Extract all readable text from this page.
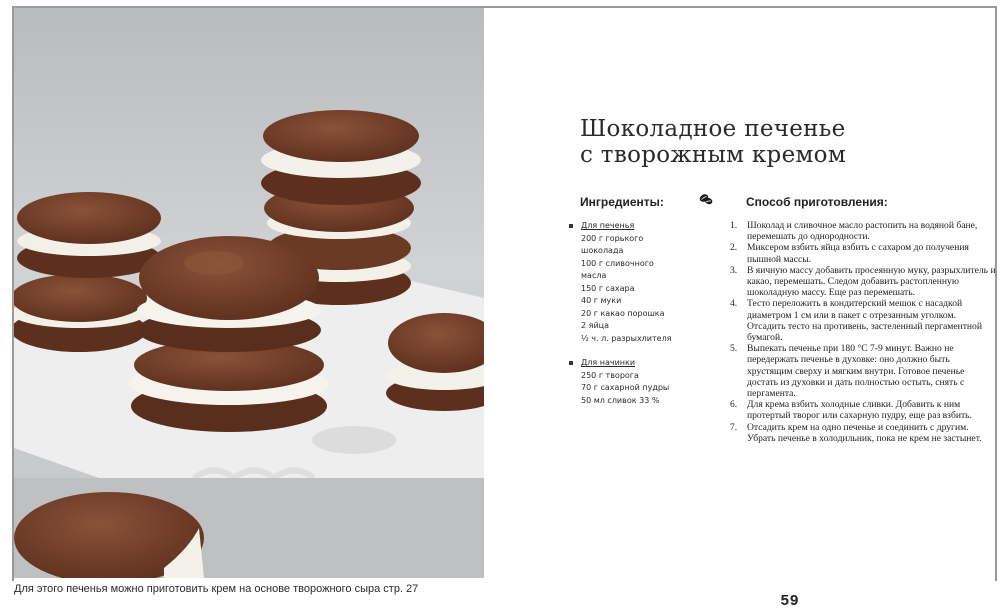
Для этого печенья можно приготовить крем на основе творожного сыра стр. 27
Шоколадное печенье
с творожным кремом
Ингредиенты:	Способ приготовления:
Для печенья
200 г горького
шоколада
100 г сливочного
масла
150 г сахара
40 г муки
20 г какао порошка
2 яйца
½ ч. л. разрыхлителя
Для начинки
250 г творога
70 г сахарной пудры
50 мл сливок 33 %
1. Шоколад и сливочное масло растопить на водяной бане, перемешать до однородности.
2. Миксером взбить яйца взбить с сахаром до получения пышной массы.
3. В яичную массу добавить просеянную муку, разрыхлитель и какао, перемешать. Следом добавить растопленную шоколадную массу. Еще раз перемешать.
4. Тесто переложить в кондитерский мешок с насадкой диаметром 1 см или в пакет с отрезанным уголком. Отсадить тесто на противень, застеленный пергаментной бумагой.
5. Выпекать печенье при 180 °С 7-9 минут. Важно не передержать печенье в духовке: оно должно быть хрустящим сверху и мягким внутри. Готовое печенье достать из духовки и дать полностью остыть, снять с пергамента.
6. Для крема взбить холодные сливки. Добавить к ним протертый творог или сахарную пудру, еще раз взбить.
7. Отсадить крем на одно печенье и соединить с другим. Убрать печенье в холодильник, пока не крем не застынет.
59
